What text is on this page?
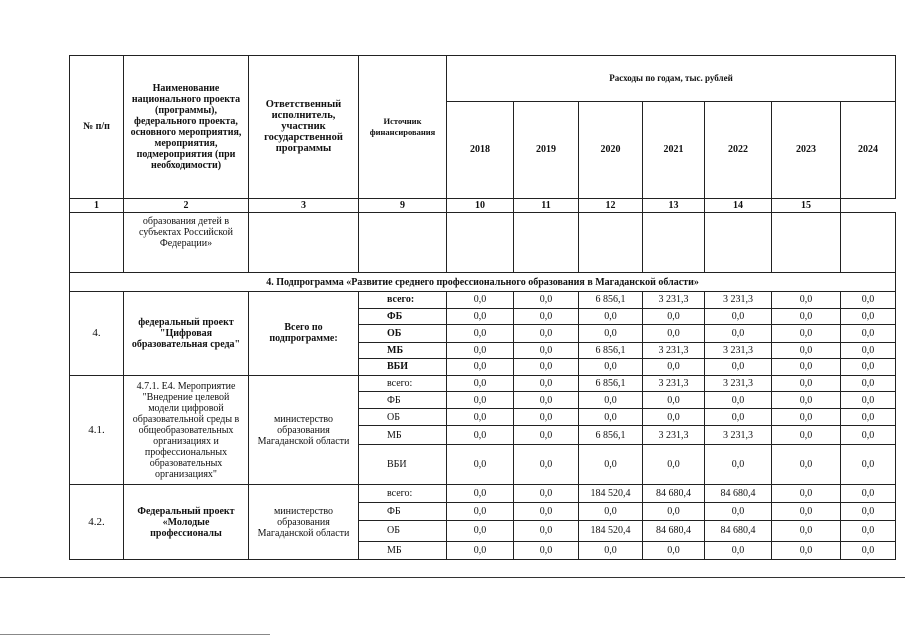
№ п/п	Наименование национального проекта (программы), федерального проекта, основного мероприятия, мероприятия, подмероприятия (при необходимости)	Ответственный исполнитель, участник государственной программы	Источник финансирования	Расходы по годам, тыс. рублей						
				2018	2019	2020	2021	2022	2023	2024
1	2	3	9	10	11	12	13	14	15	
	образования детей в субъектах Российской Федерации»									
4. Подпрограмма «Развитие среднего профессионального образования в Магаданской области»										
4.	федеральный проект "Цифровая образовательная среда"	Всего по подпрограмме:	всего:	0,0	0,0	6 856,1	3 231,3	3 231,3	0,0	0,0
			ФБ	0,0	0,0	0,0	0,0	0,0	0,0	0,0
			ОБ	0,0	0,0	0,0	0,0	0,0	0,0	0,0
			МБ	0,0	0,0	6 856,1	3 231,3	3 231,3	0,0	0,0
			ВБИ	0,0	0,0	0,0	0,0	0,0	0,0	0,0
4.1.	4.7.1. Е4. Мероприятие "Внедрение целевой модели цифровой образовательной среды в общеобразовательных организациях и профессиональных образовательных организациях"	министерство образования Магаданской области	всего:	0,0	0,0	6 856,1	3 231,3	3 231,3	0,0	0,0
			ФБ	0,0	0,0	0,0	0,0	0,0	0,0	0,0
			ОБ	0,0	0,0	0,0	0,0	0,0	0,0	0,0
			МБ	0,0	0,0	6 856,1	3 231,3	3 231,3	0,0	0,0
			ВБИ	0,0	0,0	0,0	0,0	0,0	0,0	0,0
4.2.	Федеральный проект «Молодые профессионалы	министерство образования Магаданской области	всего:	0,0	0,0	184 520,4	84 680,4	84 680,4	0,0	0,0
			ФБ	0,0	0,0	0,0	0,0	0,0	0,0	0,0
			ОБ	0,0	0,0	184 520,4	84 680,4	84 680,4	0,0	0,0
			МБ	0,0	0,0	0,0	0,0	0,0	0,0	0,0
